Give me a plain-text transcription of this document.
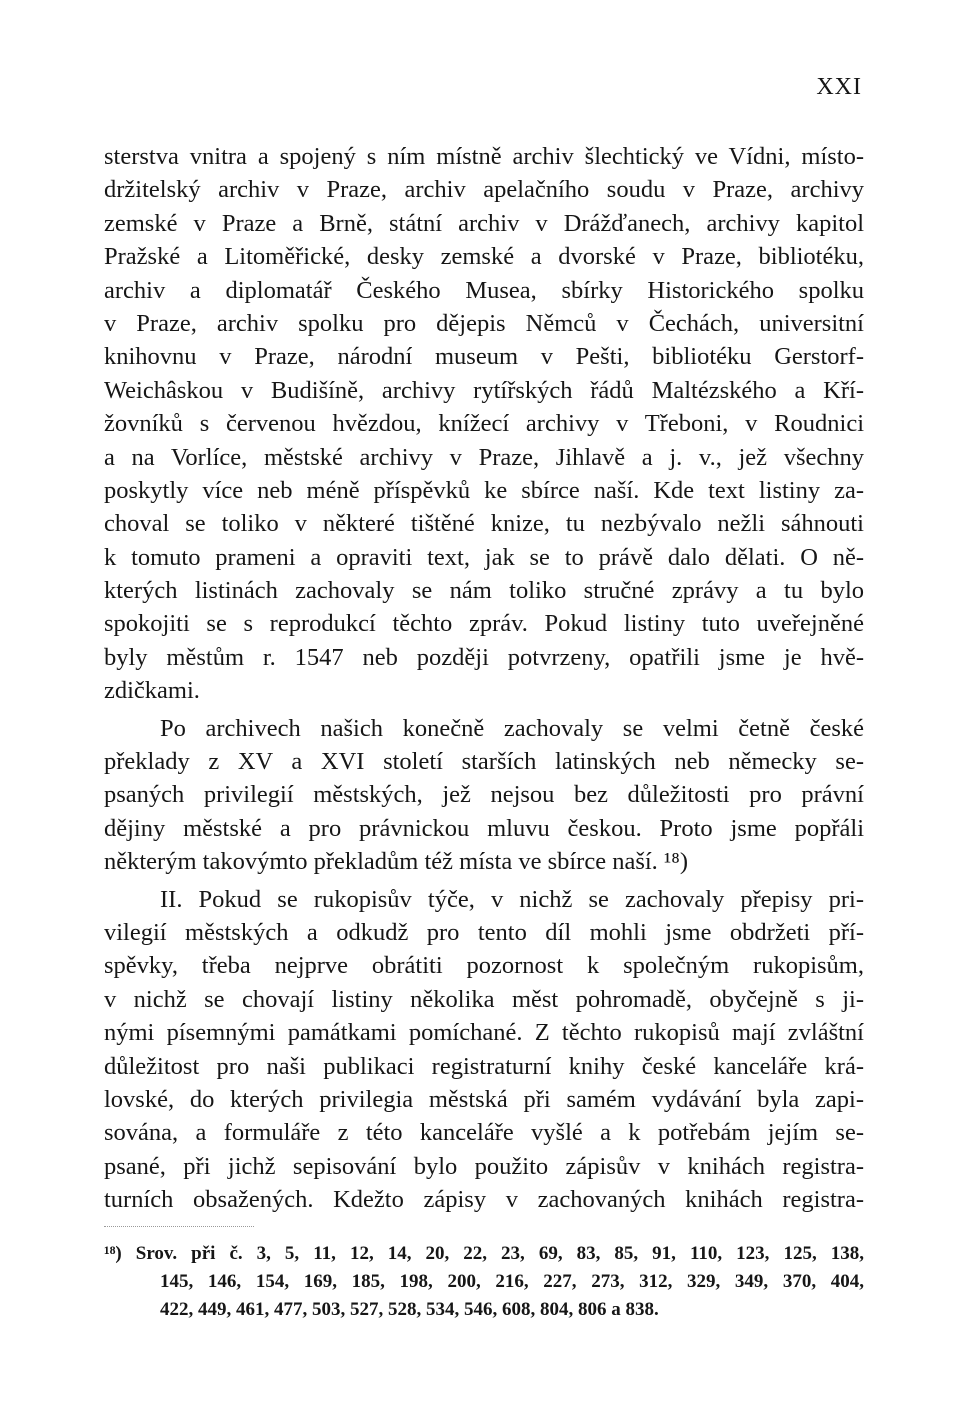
XXI
sterstva vnitra a spojený s ním místně archiv šlechtický ve Vídni, místo-
držitelský archiv v Praze, archiv apelačního soudu v Praze, archivy
zemské v Praze a Brně, státní archiv v Drážďanech, archivy kapitol
Pražské a Litoměřické, desky zemské a dvorské v Praze, bibliotéku,
archiv a diplomatář Českého Musea, sbírky Historického spolku
v Praze, archiv spolku pro dějepis Němců v Čechách, universitní
knihovnu v Praze, národní museum v Pešti, bibliotéku Gerstorf-
Weichâskou v Budišíně, archivy rytířských řádů Maltézského a Kří-
žovníků s červenou hvězdou, knížecí archivy v Třeboni, v Roudnici
a na Vorlíce, městské archivy v Praze, Jihlavě a j. v., jež všechny
poskytly více neb méně příspěvků ke sbírce naší. Kde text listiny za-
choval se toliko v některé tištěné knize, tu nezbývalo nežli sáhnouti
k tomuto prameni a opraviti text, jak se to právě dalo dělati. O ně-
kterých listinách zachovaly se nám toliko stručné zprávy a tu bylo
spokojiti se s reprodukcí těchto zpráv. Pokud listiny tuto uveřejněné
byly městům r. 1547 neb později potvrzeny, opatřili jsme je hvě-
zdičkami.
Po archivech našich konečně zachovaly se velmi četně české
překlady z XV a XVI století starších latinských neb německy se-
psaných privilegií městských, jež nejsou bez důležitosti pro právní
dějiny městské a pro právnickou mluvu českou. Proto jsme popřáli
některým takovýmto překladům též místa ve sbírce naší. ¹⁸)
II. Pokud se rukopisův týče, v nichž se zachovaly přepisy pri-
vilegií městských a odkudž pro tento díl mohli jsme obdržeti pří-
spěvky, třeba nejprve obrátiti pozornost k společným rukopisům,
v nichž se chovají listiny několika měst pohromadě, obyčejně s ji-
nými písemnými památkami pomíchané. Z těchto rukopisů mají zvláštní
důležitost pro naši publikaci registraturní knihy české kanceláře krá-
lovské, do kterých privilegia městská při samém vydávání byla zapi-
sována, a formuláře z této kanceláře vyšlé a k potřebám jejím se-
psané, při jichž sepisování bylo použito zápisův v knihách registra-
turních obsažených. Kdežto zápisy v zachovaných knihách registra-
¹⁸) Srov. při č. 3, 5, 11, 12, 14, 20, 22, 23, 69, 83, 85, 91, 110, 123, 125, 138,
145, 146, 154, 169, 185, 198, 200, 216, 227, 273, 312, 329, 349, 370, 404,
422, 449, 461, 477, 503, 527, 528, 534, 546, 608, 804, 806 a 838.
